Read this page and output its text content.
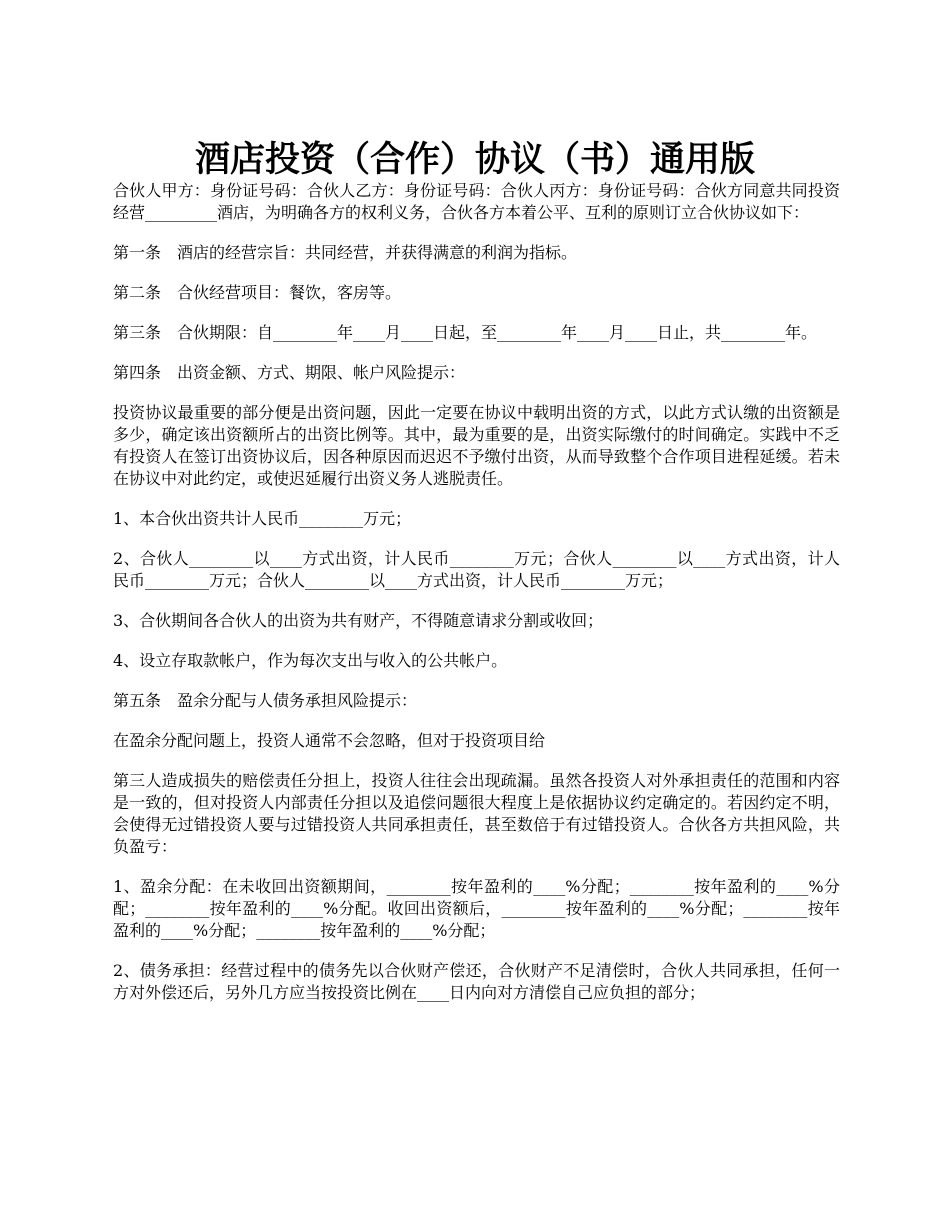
酒店投资（合作）协议（书）通用版

合伙人甲方：身份证号码：合伙人乙方：身份证号码：合伙人丙方：身份证号码：合伙方同意共同投资经营_________酒店，为明确各方的权利义务，合伙各方本着公平、互利的原则订立合伙协议如下：

第一条　酒店的经营宗旨：共同经营，并获得满意的利润为指标。

第二条　合伙经营项目：餐饮，客房等。

第三条　合伙期限：自________年____月____日起，至________年____月____日止，共________年。

第四条　出资金额、方式、期限、帐户风险提示：

投资协议最重要的部分便是出资问题，因此一定要在协议中载明出资的方式，以此方式认缴的出资额是多少，确定该出资额所占的出资比例等。其中，最为重要的是，出资实际缴付的时间确定。实践中不乏有投资人在签订出资协议后，因各种原因而迟迟不予缴付出资，从而导致整个合作项目进程延缓。若未在协议中对此约定，或使迟延履行出资义务人逃脱责任。

1、本合伙出资共计人民币________万元；

2、合伙人________以____方式出资，计人民币________万元；合伙人________以____方式出资，计人民币________万元；合伙人________以____方式出资，计人民币________万元；

3、合伙期间各合伙人的出资为共有财产，不得随意请求分割或收回；

4、设立存取款帐户，作为每次支出与收入的公共帐户。

第五条　盈余分配与人债务承担风险提示：

在盈余分配问题上，投资人通常不会忽略，但对于投资项目给

第三人造成损失的赔偿责任分担上，投资人往往会出现疏漏。虽然各投资人对外承担责任的范围和内容是一致的，但对投资人内部责任分担以及追偿问题很大程度上是依据协议约定确定的。若因约定不明，会使得无过错投资人要与过错投资人共同承担责任，甚至数倍于有过错投资人。合伙各方共担风险，共负盈亏：

1、盈余分配：在未收回出资额期间，________按年盈利的____%分配；________按年盈利的____%分配；________按年盈利的____%分配。收回出资额后，________按年盈利的____%分配；________按年盈利的____%分配；________按年盈利的____%分配；

2、债务承担：经营过程中的债务先以合伙财产偿还，合伙财产不足清偿时，合伙人共同承担，任何一方对外偿还后，另外几方应当按投资比例在____日内向对方清偿自己应负担的部分；
